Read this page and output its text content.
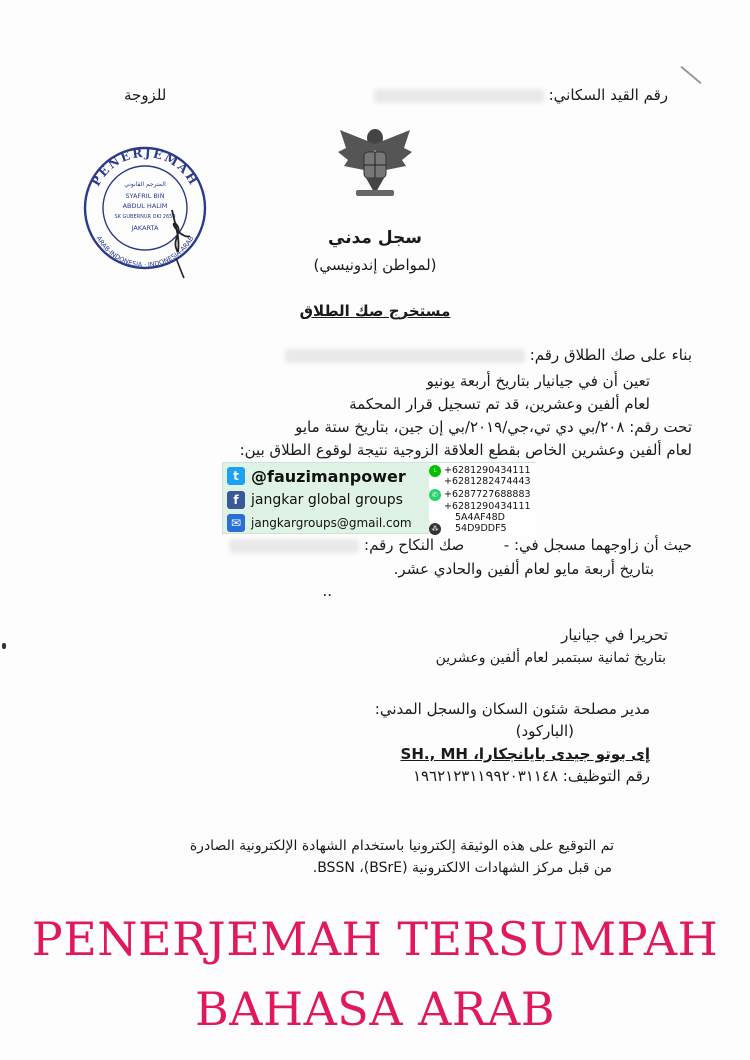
رقم القيد السكاني:
للزوجة
PENERJEMAH
ARAB-INDONESIA · INDONESIA-ARAB
المترجم القانوني
SYAFRIL BIN
ABDUL HALIM
SK GUBERNUR DKI 2659
JAKARTA	سجل مدني
(لمواطن إندونيسي)
مستخرج صك الطلاق
بناء على صك الطلاق رقم:
تعين أن في جيانيار بتاريخ أربعة يونيو
لعام ألفين وعشرين، قد تم تسجيل قرار المحكمة
تحت رقم: ٢٠٨/بي دي تي،جي/٢٠١٩/بي إن جين، بتاريخ ستة مايو
لعام ألفين وعشرين الخاص بقطع العلاقة الزوجية نتيجة لوقوع الطلاق بين:
حيث أن زاوجهما مسجل في: -  صك النكاح رقم:
بتاريخ أربعة مايو لعام ألفين والحادي عشر.
..
تحريرا في جيانيار
بتاريخ ثمانية سبتمبر لعام ألفين وعشرين
مدير مصلحة شئون السكان والسجل المدني:
(الباركود)
إى بوتو جيدى بايانجكارا، SH., MH
رقم التوظيف: ١٩٦٢١٢٣١١٩٩٢٠٣١١٤٨
تم التوقيع على هذه الوثيقة إلكترونيا باستخدام الشهادة الإلكترونية الصادرة
من قبل مركز الشهادات الالكترونية (BSrE)، BSSN.
t @fauzimanpower
f jangkar global groups
✉ jangkargroups@gmail.com
L +6281290434111
+6281282474443
✆ +6287727688883
+6281290434111
5A4AF48D
⁂ 54D9DDF5
PENERJEMAH TERSUMPAH
BAHASA ARAB
